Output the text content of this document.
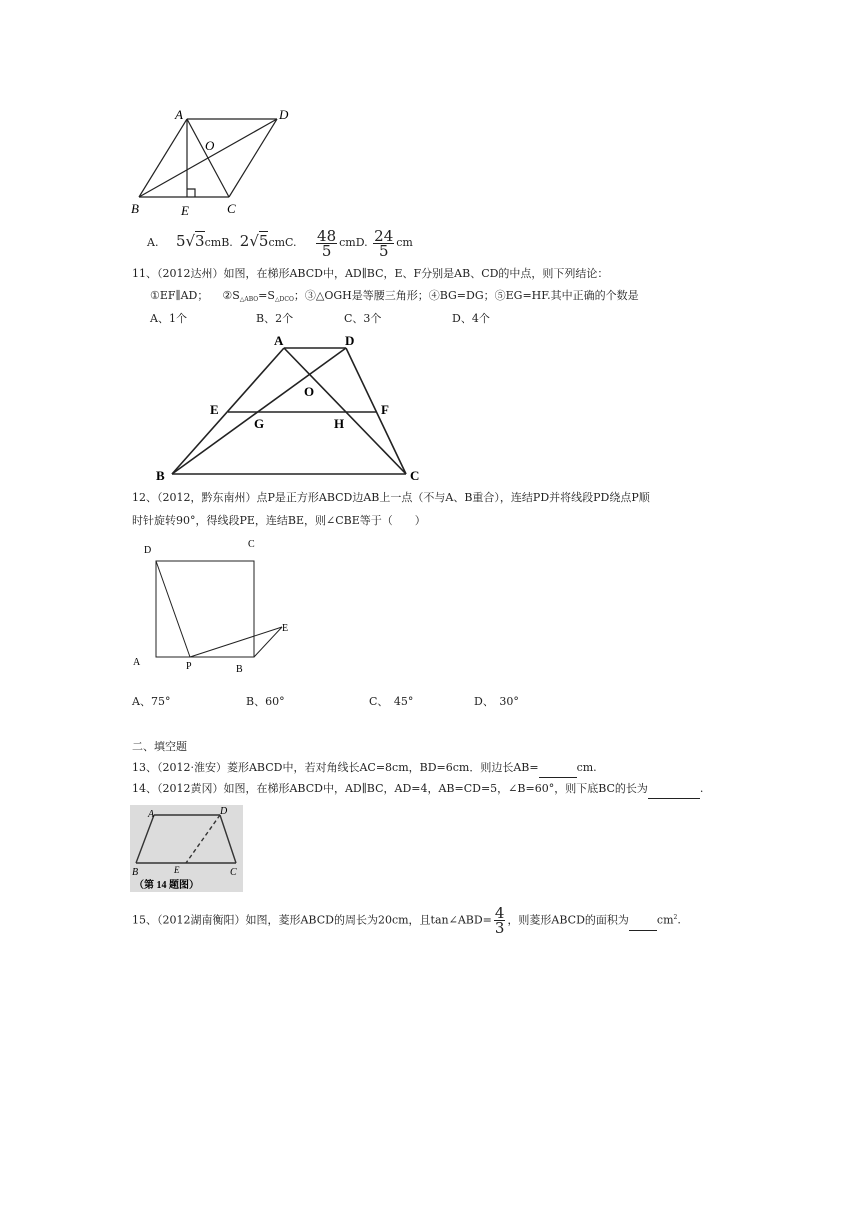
A	D
O
B	E	C
A. 5√3cmB. 2√5cmC. $\frac{48}{5}$ cmD. $\frac{24}{5}$ cm
11、（2012达州）如图，在梯形ABCD中，AD∥BC，E、F分别是AB、CD的中点，则下列结论：
①EF∥AD； $②S_{\triangle ABO}=S_{\triangle DCO}$；③△OGH是等腰三角形；④BG=DG；⑤EG=HF.其中正确的个数是
A、1个	B、2个	C、3个	D、4个
A	D
O
E	F
G	H
B	C
12、（2012，黔东南州）点P是正方形ABCD边AB上一点（不与A、B重合），连结PD并将线段PD绕点P顺
时针旋转90°，得线段PE，连结BE，则∠CBE等于（　　）
D
C
E
A	P	B
A、75°	B、60°	C、　45°	D、　30°
二、填空题
13、（2012·淮安）菱形ABCD中，若对角线长AC=8cm，BD=6cm．则边长AB=	cm.
14、（2012黄冈）如图，在梯形ABCD中，AD∥BC，AD=4，AB=CD=5，∠B=60°，则下底BC的长为	.
A	D
B	E	C
（第 14 题图）
15、（2012湖南衡阳）如图，菱形ABCD的周长为20cm，且tan∠ABD= $\frac{4}{3}$ ，则菱形ABCD的面积为	$cm^2$.
